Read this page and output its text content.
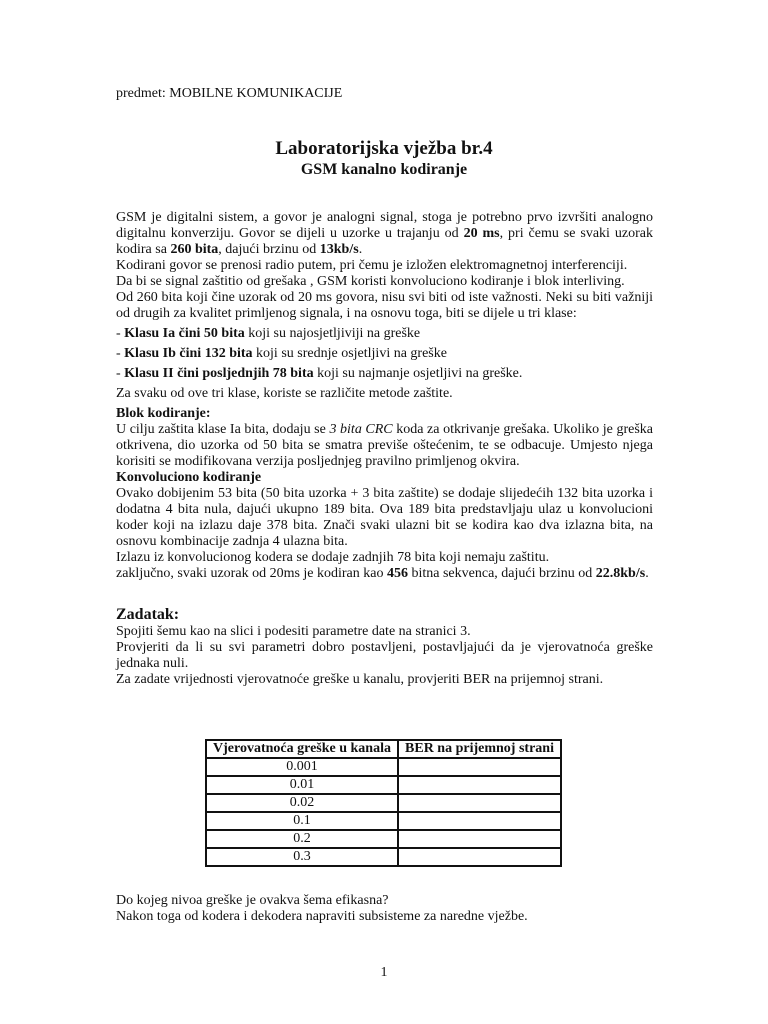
predmet: MOBILNE KOMUNIKACIJE
Laboratorijska vježba br.4
GSM kanalno kodiranje

GSM je digitalni sistem, a govor je analogni signal, stoga je potrebno prvo izvršiti analogno digitalnu konverziju. Govor se dijeli u uzorke u trajanju od 20 ms, pri čemu se svaki uzorak kodira sa 260 bita, dajući brzinu od 13kb/s.

Kodirani govor se prenosi radio putem, pri čemu je izložen elektromagnetnoj interferenciji.

Da bi se signal zaštitio od grešaka , GSM koristi konvoluciono kodiranje i blok interliving.

Od 260 bita koji čine uzorak od 20 ms govora, nisu svi biti od iste važnosti. Neki su biti važniji od drugih za kvalitet primljenog signala, i na osnovu toga, biti se dijele u tri klase:

- Klasu Ia čini 50 bita koji su najosjetljiviji na greške

- Klasu Ib čini 132 bita koji su srednje osjetljivi na greške

- Klasu II čini posljednjih 78 bita koji su najmanje osjetljivi na greške.

Za svaku od ove tri klase, koriste se različite metode zaštite.

Blok kodiranje:

U cilju zaštita klase Ia bita, dodaju se 3 bita CRC koda za otkrivanje grešaka. Ukoliko je greška otkrivena, dio uzorka od 50 bita se smatra previše oštećenim, te se odbacuje. Umjesto njega korisiti se modifikovana verzija posljednjeg pravilno primljenog okvira.

Konvoluciono kodiranje

Ovako dobijenim 53 bita (50 bita uzorka + 3 bita zaštite) se dodaje slijedećih 132 bita uzorka i dodatna 4 bita nula, dajući ukupno 189 bita. Ova 189 bita predstavljaju ulaz u konvolucioni koder koji na izlazu daje 378 bita. Znači svaki ulazni bit se kodira kao dva izlazna bita, na osnovu kombinacije zadnja 4 ulazna bita.

Izlazu iz konvolucionog kodera se dodaje zadnjih 78 bita koji nemaju zaštitu.

zaključno, svaki uzorak od 20ms je kodiran kao 456 bitna sekvenca, dajući brzinu od 22.8kb/s.

Zadatak:

Spojiti šemu kao na slici i podesiti parametre date na stranici 3.

Provjeriti da li su svi parametri dobro postavljeni, postavljajući da je vjerovatnoća greške jednaka nuli.

Za zadate vrijednosti vjerovatnoće greške u kanalu, provjeriti BER na prijemnoj strani.

Vjerovatnoća greške u kanala	BER na prijemnoj strani
0.001	
0.01	
0.02	
0.1	
0.2	
0.3	

Do kojeg nivoa greške je ovakva šema efikasna?

Nakon toga od kodera i dekodera napraviti subsisteme za naredne vježbe.

1
